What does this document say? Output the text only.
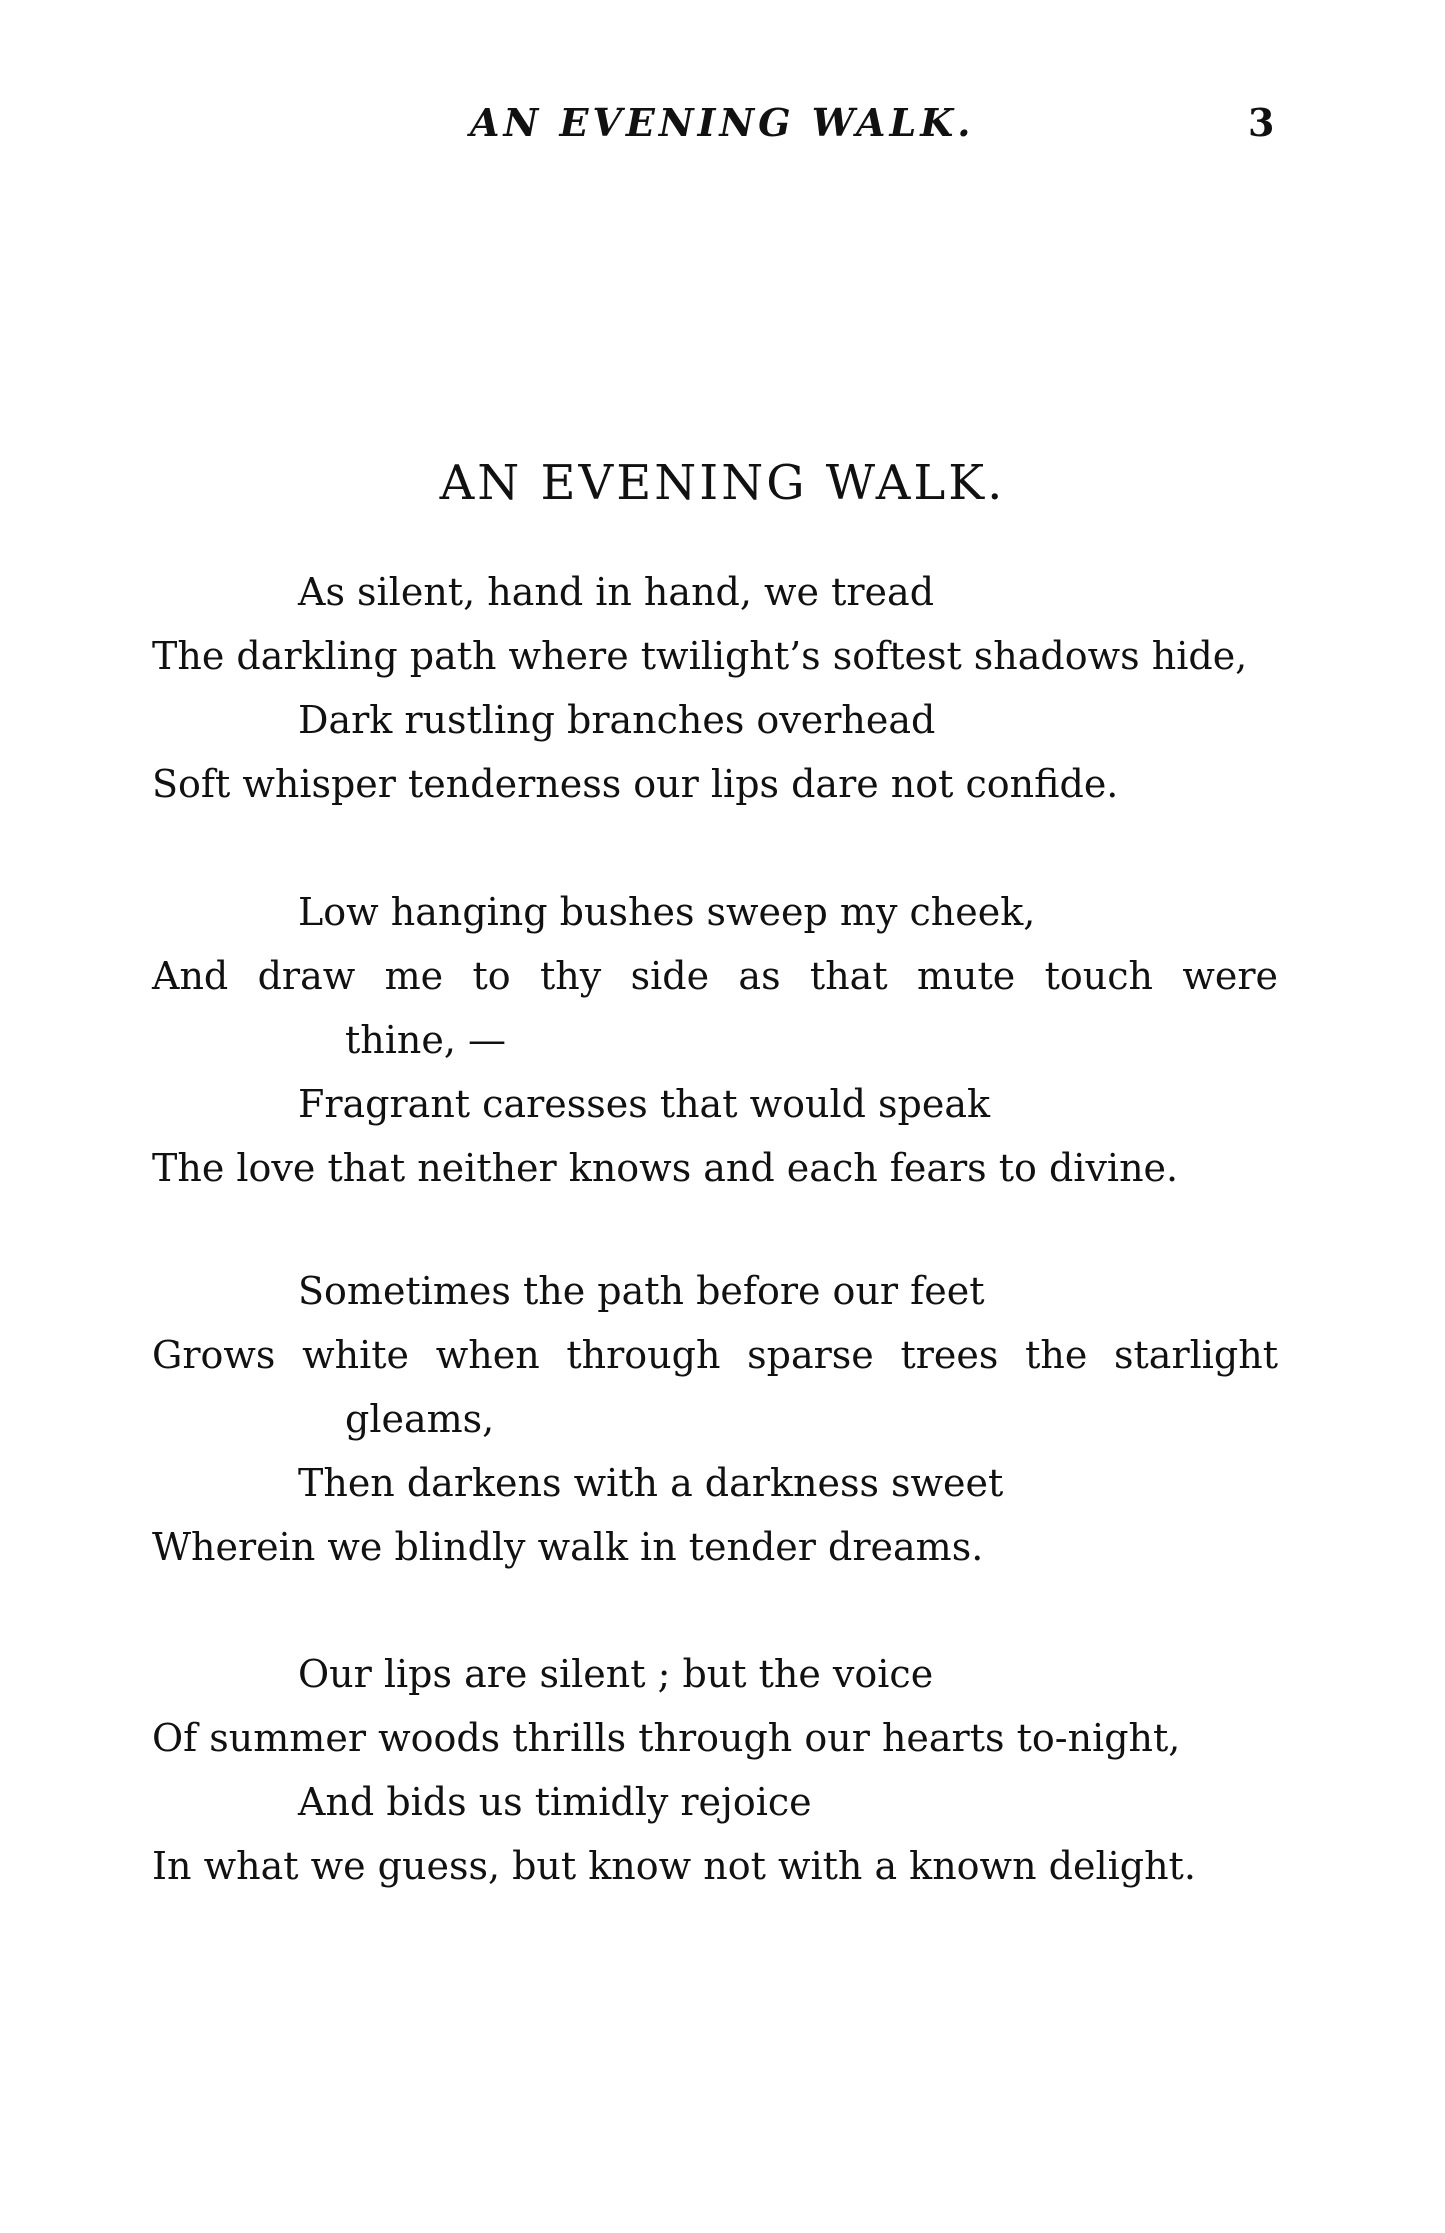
AN EVENING WALK.	3
AN EVENING WALK.
As silent, hand in hand, we tread
The darkling path where twilight’s softest shadows hide,
Dark rustling branches overhead
Soft whisper tenderness our lips dare not confide.
Low hanging bushes sweep my cheek,
And draw me to thy side as that mute touch were
thine, —
Fragrant caresses that would speak
The love that neither knows and each fears to divine.
Sometimes the path before our feet
Grows white when through sparse trees the starlight
gleams,
Then darkens with a darkness sweet
Wherein we blindly walk in tender dreams.
Our lips are silent ; but the voice
Of summer woods thrills through our hearts to-night,
And bids us timidly rejoice
In what we guess, but know not with a known delight.
